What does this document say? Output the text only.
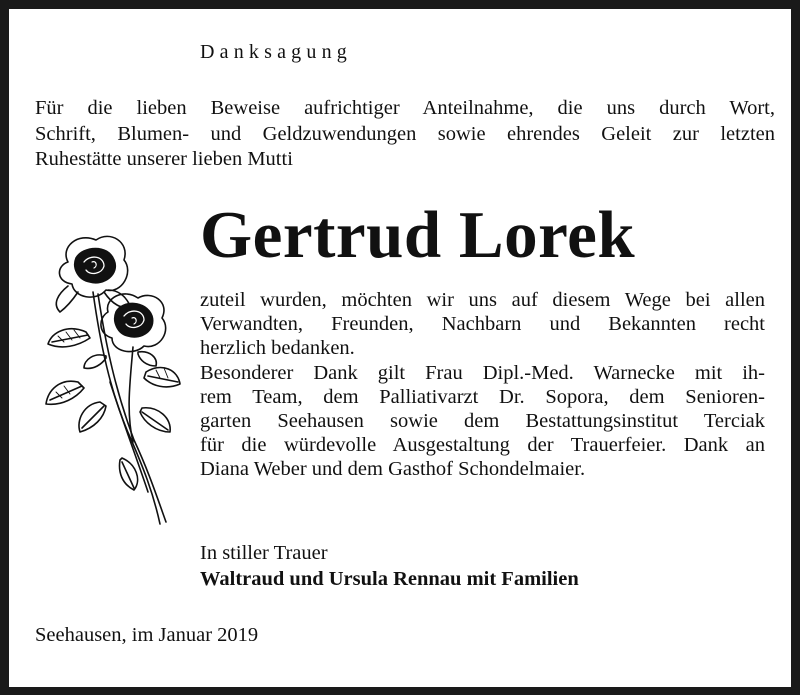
Danksagung
Für die lieben Beweise aufrichtiger Anteilnahme, die uns durch Wort,
Schrift, Blumen- und Geldzuwendungen sowie ehrendes Geleit zur letzten
Ruhestätte unserer lieben Mutti
Gertrud Lorek
zuteil wurden, möchten wir uns auf diesem Wege bei allen
Verwandten, Freunden, Nachbarn und Bekannten recht
herzlich bedanken.
Besonderer Dank gilt Frau Dipl.-Med. Warnecke mit ih-
rem Team, dem Palliativarzt Dr. Sopora, dem Senioren-
garten Seehausen sowie dem Bestattungsinstitut Terciak
für die würdevolle Ausgestaltung der Trauerfeier. Dank an
Diana Weber und dem Gasthof Schondelmaier.
In stiller Trauer
Waltraud und Ursula Rennau mit Familien
Seehausen, im Januar 2019
